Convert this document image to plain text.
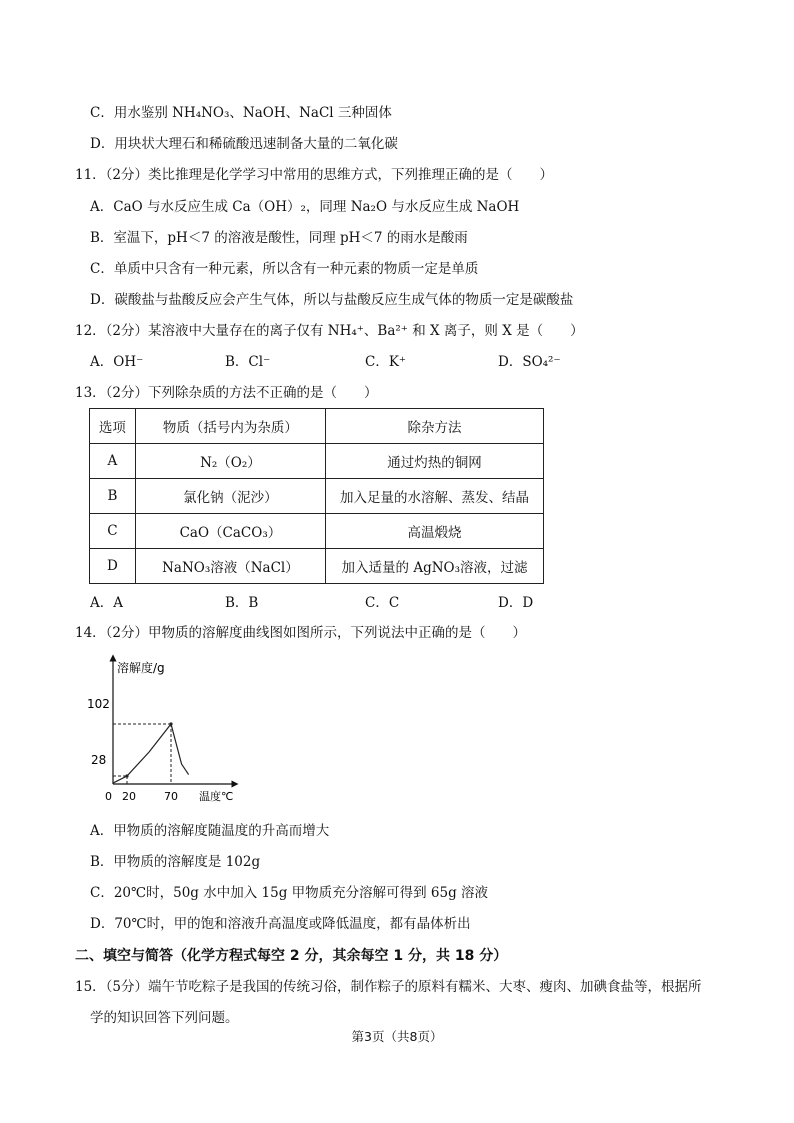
C．用水鉴别 NH₄NO₃、NaOH、NaCl 三种固体
D．用块状大理石和稀硫酸迅速制备大量的二氧化碳
11．（2分）类比推理是化学学习中常用的思维方式，下列推理正确的是（　　）
A．CaO 与水反应生成 Ca（OH）₂，同理 Na₂O 与水反应生成 NaOH
B．室温下，pH＜7 的溶液是酸性，同理 pH＜7 的雨水是酸雨
C．单质中只含有一种元素，所以含有一种元素的物质一定是单质
D．碳酸盐与盐酸反应会产生气体，所以与盐酸反应生成气体的物质一定是碳酸盐
12．（2分）某溶液中大量存在的离子仅有 NH₄⁺、Ba²⁺ 和 X 离子，则 X 是（　　）
A．OH⁻	B．Cl⁻	C．K⁺	D．SO₄²⁻
13．（2分）下列除杂质的方法不正确的是（　　）
选项	物质（括号内为杂质）	除杂方法
A	N₂（O₂）	通过灼热的铜网
B	氯化钠（泥沙）	加入足量的水溶解、蒸发、结晶
C	CaO（CaCO₃）	高温煅烧
D	NaNO₃溶液（NaCl）	加入适量的 AgNO₃溶液，过滤
A．A	B．B	C．C	D．D
14．（2分）甲物质的溶解度曲线图如图所示，下列说法中正确的是（　　）
溶解度/g
温度℃
0 20	70
28
102
A．甲物质的溶解度随温度的升高而增大
B．甲物质的溶解度是 102g
C．20℃时，50g 水中加入 15g 甲物质充分溶解可得到 65g 溶液
D．70℃时，甲的饱和溶液升高温度或降低温度，都有晶体析出
二、填空与简答（化学方程式每空 2 分，其余每空 1 分，共 18 分）
15．（5分）端午节吃粽子是我国的传统习俗，制作粽子的原料有糯米、大枣、瘦肉、加碘食盐等，根据所
学的知识回答下列问题。
第3页（共8页）
